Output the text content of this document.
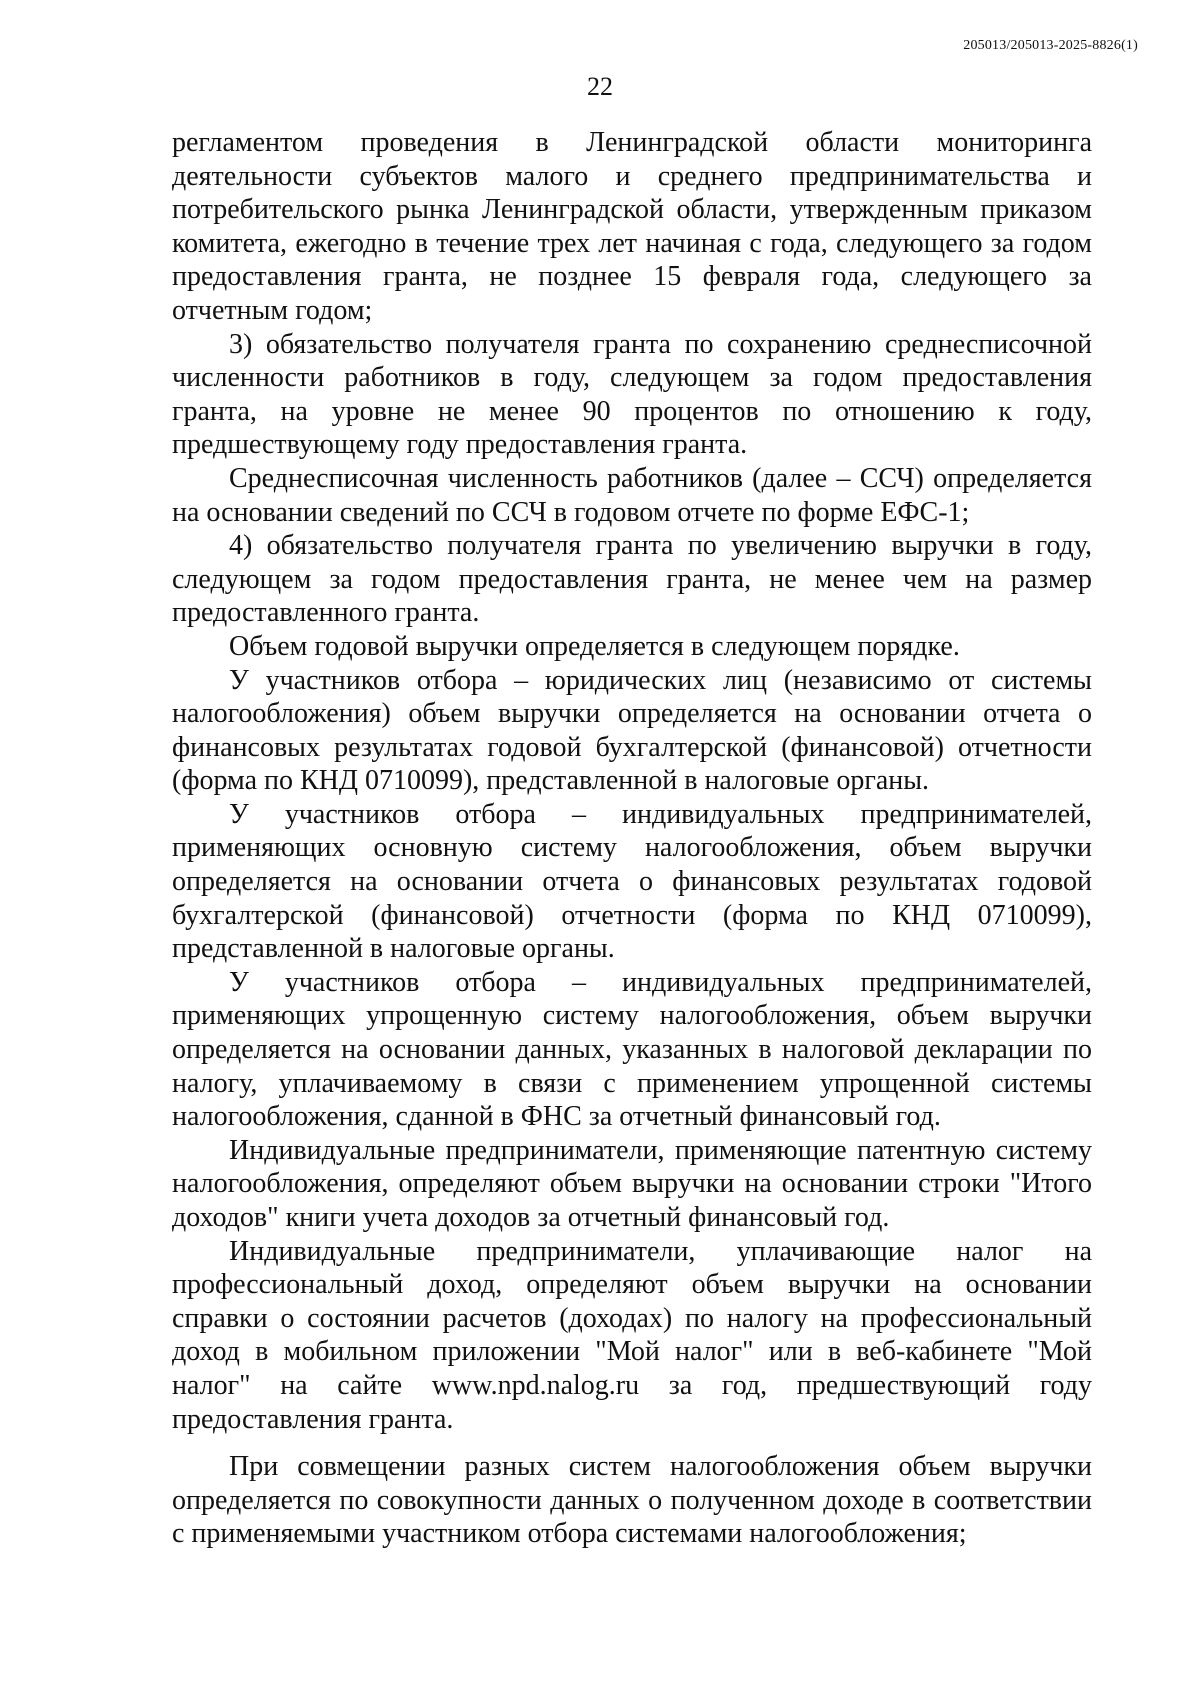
205013/205013-2025-8826(1)
22

регламентом проведения в Ленинградской области мониторинга деятельности субъектов малого и среднего предпринимательства и потребительского рынка Ленинградской области, утвержденным приказом комитета, ежегодно в течение трех лет начиная с года, следующего за годом предоставления гранта, не позднее 15 февраля года, следующего за отчетным годом;

3) обязательство получателя гранта по сохранению среднесписочной численности работников в году, следующем за годом предоставления гранта, на уровне не менее 90 процентов по отношению к году, предшествующему году предоставления гранта.

Среднесписочная численность работников (далее – ССЧ) определяется на основании сведений по ССЧ в годовом отчете по форме ЕФС-1;

4) обязательство получателя гранта по увеличению выручки в году, следующем за годом предоставления гранта, не менее чем на размер предоставленного гранта.

Объем годовой выручки определяется в следующем порядке.

У участников отбора – юридических лиц (независимо от системы налогообложения) объем выручки определяется на основании отчета о финансовых результатах годовой бухгалтерской (финансовой) отчетности (форма по КНД 0710099), представленной в налоговые органы.

У участников отбора – индивидуальных предпринимателей, применяющих основную систему налогообложения, объем выручки определяется на основании отчета о финансовых результатах годовой бухгалтерской (финансовой) отчетности (форма по КНД 0710099), представленной в налоговые органы.

У участников отбора – индивидуальных предпринимателей, применяющих упрощенную систему налогообложения, объем выручки определяется на основании данных, указанных в налоговой декларации по налогу, уплачиваемому в связи с применением упрощенной системы налогообложения, сданной в ФНС за отчетный финансовый год.

Индивидуальные предприниматели, применяющие патентную систему налогообложения, определяют объем выручки на основании строки "Итого доходов" книги учета доходов за отчетный финансовый год.

Индивидуальные предприниматели, уплачивающие налог на профессиональный доход, определяют объем выручки на основании справки о состоянии расчетов (доходах) по налогу на профессиональный доход в мобильном приложении "Мой налог" или в веб-кабинете "Мой налог" на сайте www.npd.nalog.ru за год, предшествующий году предоставления гранта.

При совмещении разных систем налогообложения объем выручки определяется по совокупности данных о полученном доходе в соответствии с применяемыми участником отбора системами налогообложения;
